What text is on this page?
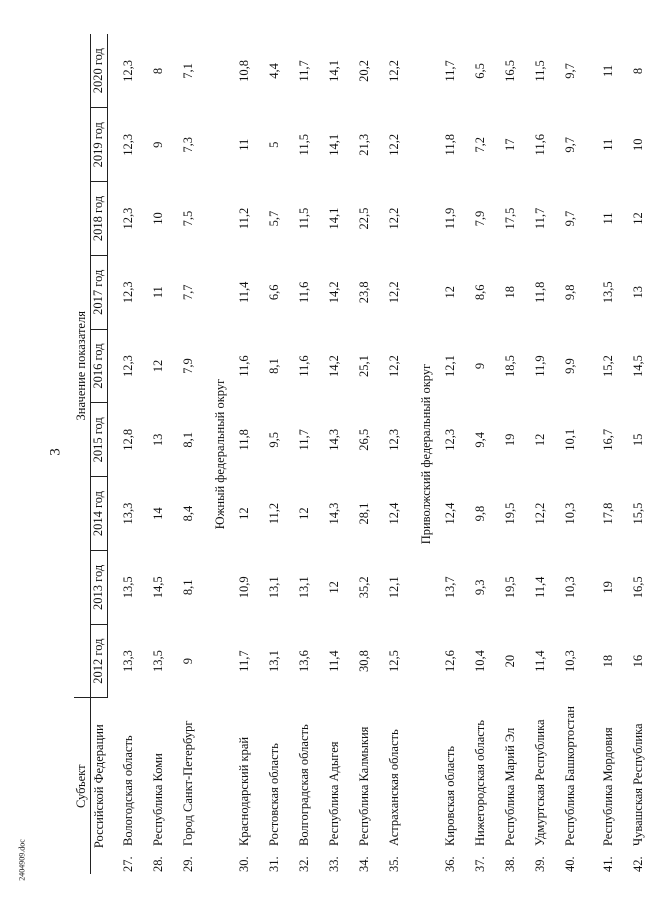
3
2404909.doc
Субъект		Значение показателя								
Российской Федерации		2012 год	2013 год	2014 год	2015 год	2016 год	2017 год	2018 год	2019 год	2020 год

27.	Вологодская область	13,3	13,5	13,3	12,8	12,3	12,3	12,3	12,3	12,3
28.	Республика Коми	13,5	14,5	14	13	12	11	10	9	8
29.	Город Санкт-Петербург	9	8,1	8,4	8,1	7,9	7,7	7,5	7,3	7,1
Южный федеральный округ										
30.	Краснодарский край	11,7	10,9	12	11,8	11,6	11,4	11,2	11	10,8
31.	Ростовская область	13,1	13,1	11,2	9,5	8,1	6,6	5,7	5	4,4
32.	Волгоградская область	13,6	13,1	12	11,7	11,6	11,6	11,5	11,5	11,7
33.	Республика Адыгея	11,4	12	14,3	14,3	14,2	14,2	14,1	14,1	14,1
34.	Республика Калмыкия	30,8	35,2	28,1	26,5	25,1	23,8	22,5	21,3	20,2
35.	Астраханская область	12,5	12,1	12,4	12,3	12,2	12,2	12,2	12,2	12,2
Приволжский федеральный округ										
36.	Кировская область	12,6	13,7	12,4	12,3	12,1	12	11,9	11,8	11,7
37.	Нижегородская область	10,4	9,3	9,8	9,4	9	8,6	7,9	7,2	6,5
38.	Республика Марий Эл	20	19,5	19,5	19	18,5	18	17,5	17	16,5
39.	Удмуртская Республика	11,4	11,4	12,2	12	11,9	11,8	11,7	11,6	11,5
40.	Республика Башкортостан	10,3	10,3	10,3	10,1	9,9	9,8	9,7	9,7	9,7
41.	Республика Мордовия	18	19	17,8	16,7	15,2	13,5	11	11	11
42.	Чувашская Республика	16	16,5	15,5	15	14,5	13	12	10	8
